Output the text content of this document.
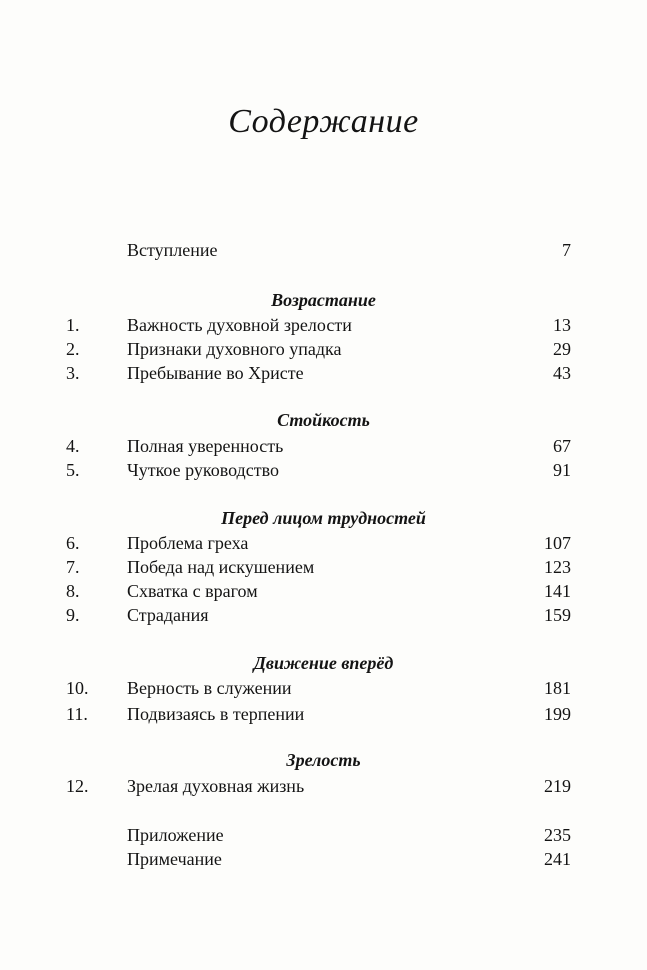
Содержание
Вступление	7
Возрастание
1.	Важность духовной зрелости	13
2.	Признаки духовного упадка	29
3.	Пребывание во Христе	43
Стойкость
4.	Полная уверенность	67
5.	Чуткое руководство	91
Перед лицом трудностей
6.	Проблема греха	107
7.	Победа над искушением	123
8.	Схватка с врагом	141
9.	Страдания	159
Движение вперёд
10. Верность в служении	181
11. Подвизаясь в терпении	199
Зрелость
12. Зрелая духовная жизнь	219
Приложение	235
Примечание	241
